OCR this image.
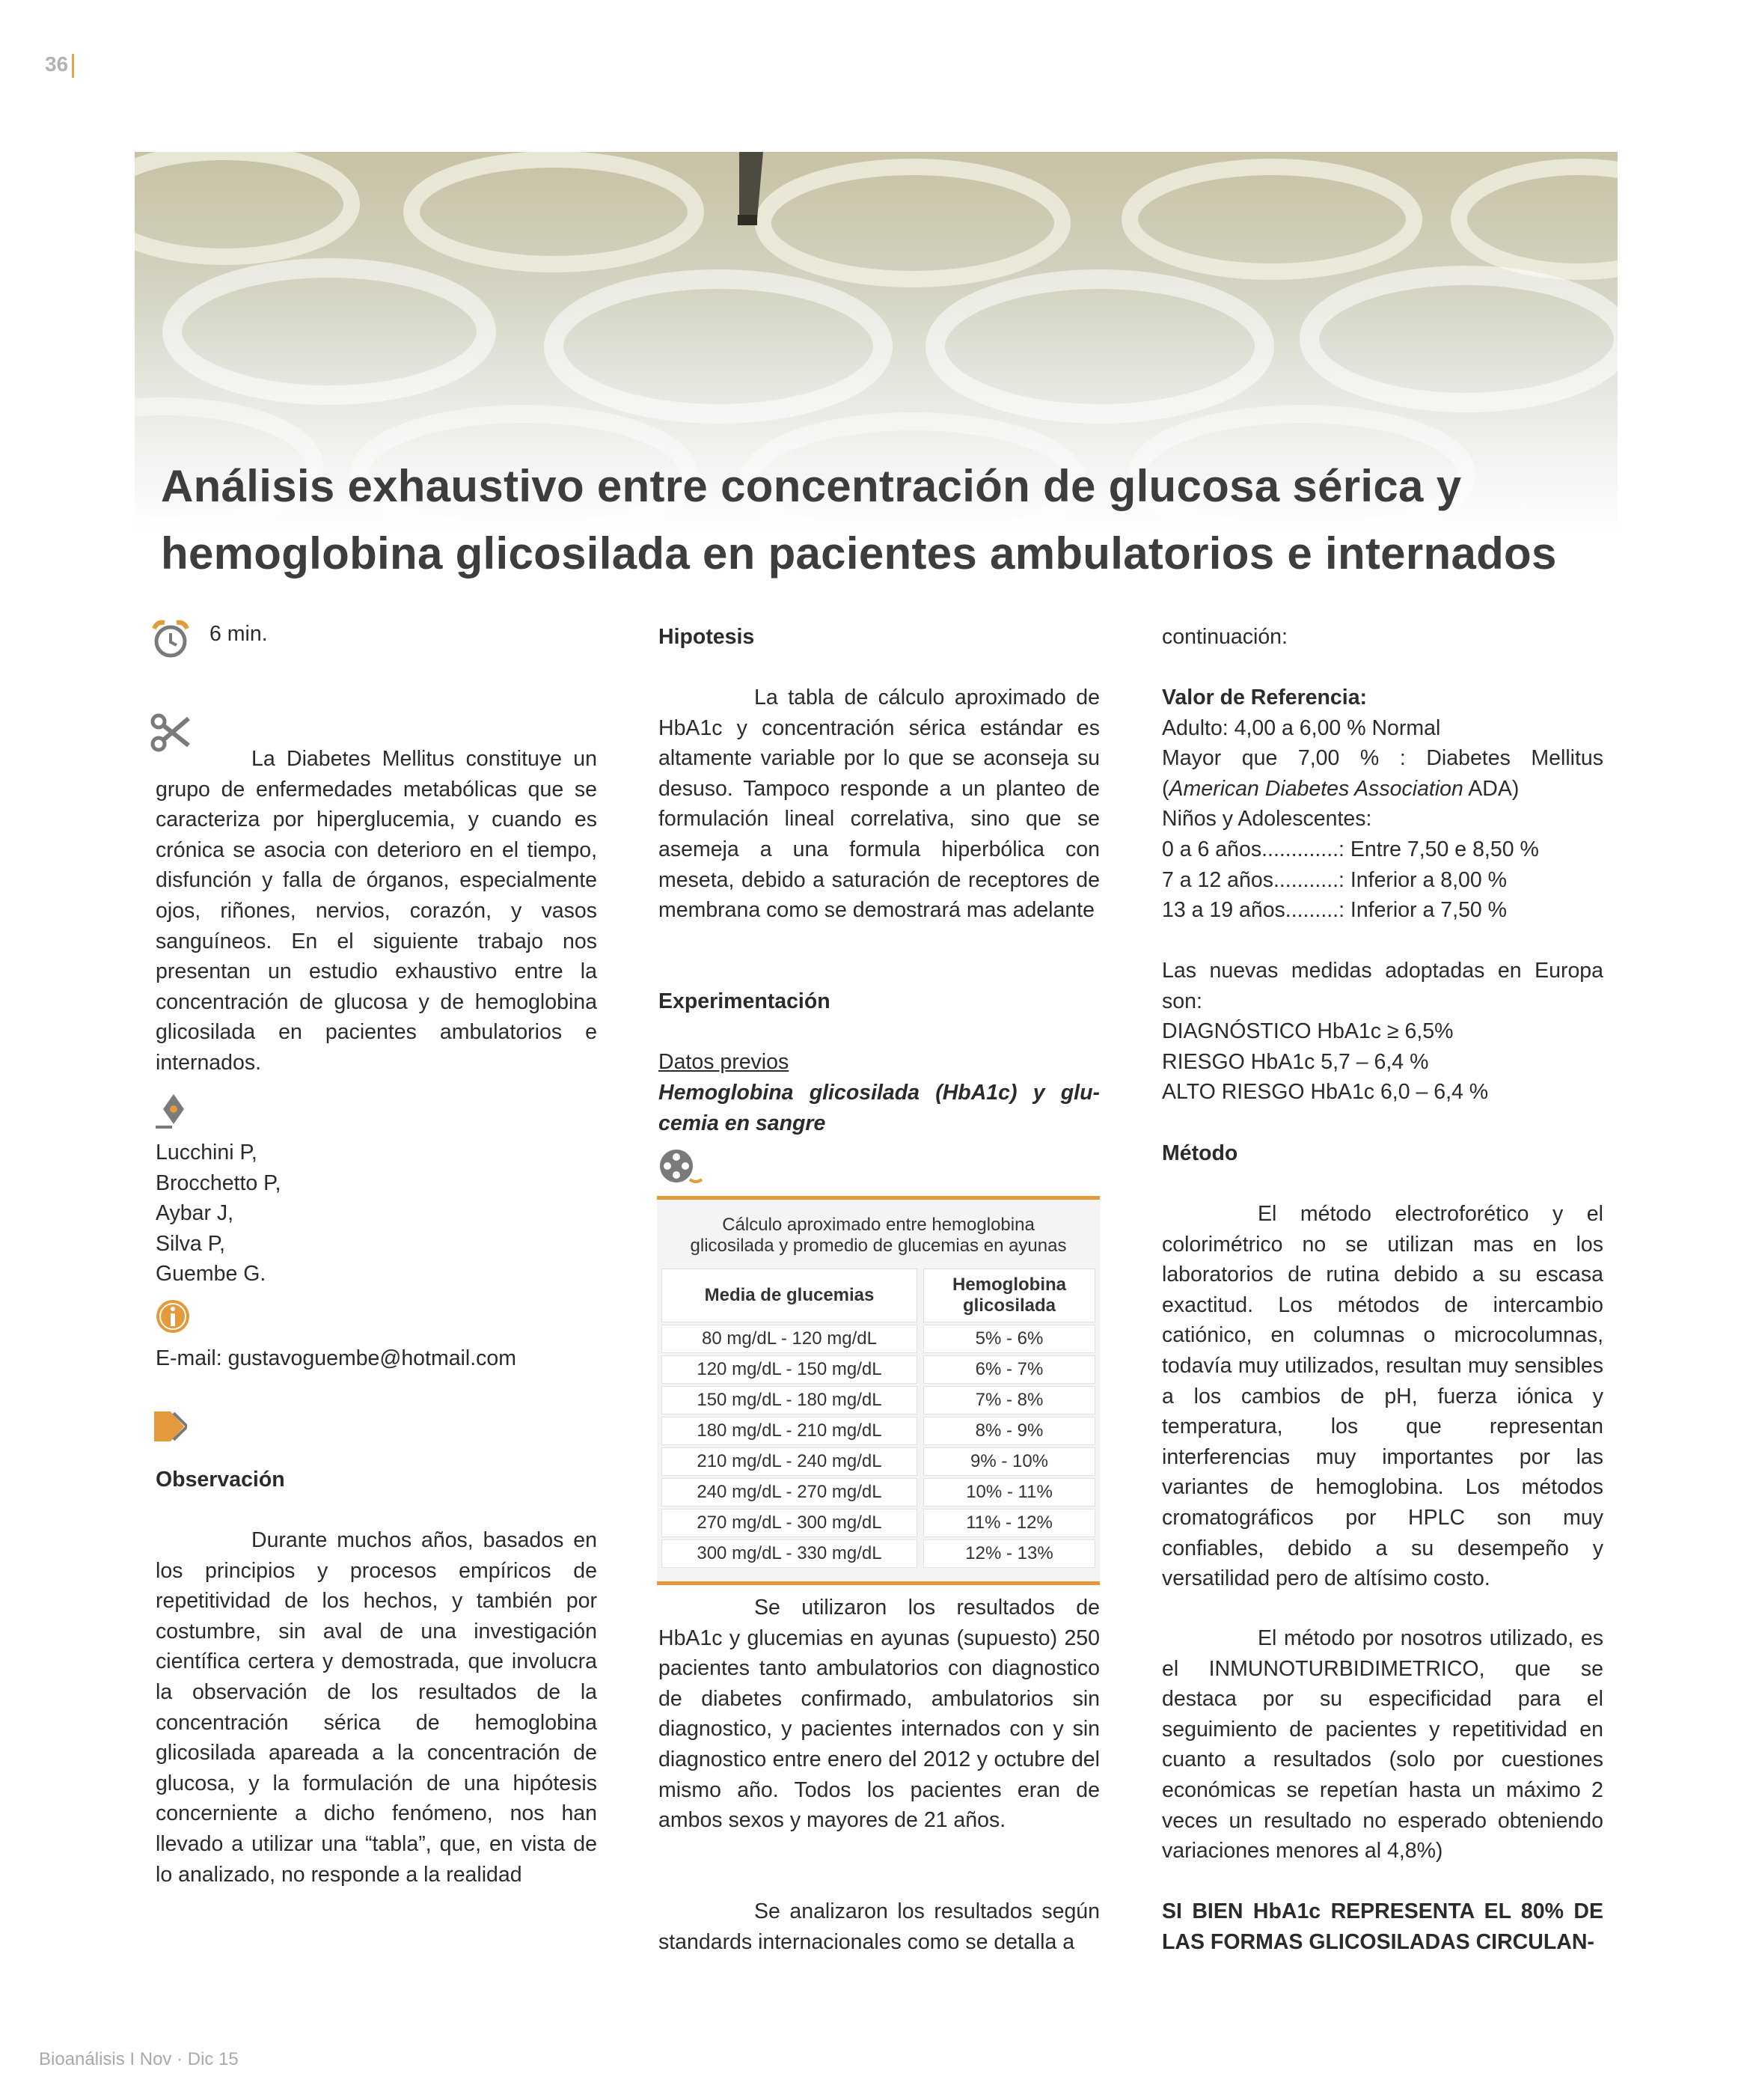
36
Análisis exhaustivo entre concentración de glucosa sérica y
hemoglobina glicosilada en pacientes ambulatorios e internados
6 min.
La Diabetes Mellitus constituye un grupo de enfermedades metabólicas que se caracteriza por hiperglucemia, y cuando es crónica se asocia con deterioro en el tiempo, disfunción y falla de órganos, especialmente ojos, riñones, nervios, corazón, y vasos sanguíneos. En el siguiente trabajo nos presentan un estudio exhaustivo entre la concentración de glucosa y de hemoglobina glicosilada en pacientes ambulatorios e internados.
Lucchini P,
Brocchetto P,
Aybar J,
Silva P,
Guembe G.
E-mail: gustavoguembe@hotmail.com
Observación
Durante muchos años, basados en los principios y procesos empíricos de repetitividad de los hechos, y también por costumbre, sin aval de una investigación científica certera y demostrada, que involucra la observación de los resultados de la concentración sérica de hemoglobina glicosilada apareada a la concentración de glucosa, y la formulación de una hipótesis concerniente a dicho fenómeno, nos han llevado a utilizar una “tabla”, que, en vista de lo analizado, no responde a la realidad
Hipotesis
La tabla de cálculo aproximado de HbA1c y concentración sérica estándar es altamente variable por lo que se aconseja su desuso. Tampoco responde a un planteo de formulación lineal correlativa, sino que se asemeja a una formula hiperbólica con meseta, debido a saturación de receptores de membrana como se demostrará mas adelante
Experimentación
Datos previos
Hemoglobina glicosilada (HbA1c) y glu-cemia en sangre
Cálculo aproximado entre hemoglobina
glicosilada y promedio de glucemias en ayunas
Media de glucemias
Hemoglobina
glicosilada
80 mg/dL - 120 mg/dL	5% - 6%
120 mg/dL - 150 mg/dL	6% - 7%
150 mg/dL - 180 mg/dL	7% - 8%
180 mg/dL - 210 mg/dL	8% - 9%
210 mg/dL - 240 mg/dL	9% - 10%
240 mg/dL - 270 mg/dL	10% - 11%
270 mg/dL - 300 mg/dL	11% - 12%
300 mg/dL - 330 mg/dL	12% - 13%
Se utilizaron los resultados de HbA1c y glucemias en ayunas (supuesto) 250 pacientes tanto ambulatorios con diagnostico de diabetes confirmado, ambulatorios sin diagnostico, y pacientes internados con y sin diagnostico entre enero del 2012 y octubre del mismo año. Todos los pacientes eran de ambos sexos y mayores de 21 años.
Se analizaron los resultados según standards internacionales como se detalla a
continuación:
Valor de Referencia:
Adulto: 4,00 a 6,00 % Normal
Mayor que 7,00 % : Diabetes Mellitus
(American Diabetes Association ADA)
Niños y Adolescentes:
0 a 6 años.............: Entre 7,50 e 8,50 %
7 a 12 años...........: Inferior a 8,00 %
13 a 19 años.........: Inferior a 7,50 %
Las nuevas medidas adoptadas en Europa son:
DIAGNÓSTICO HbA1c ≥ 6,5%
RIESGO HbA1c 5,7 – 6,4 %
ALTO RIESGO HbA1c 6,0 – 6,4 %
Método
El método electroforético y el colorimétrico no se utilizan mas en los laboratorios de rutina debido a su escasa exactitud. Los métodos de intercambio catiónico, en columnas o microcolumnas, todavía muy utilizados, resultan muy sensibles a los cambios de pH, fuerza iónica y temperatura, los que representan interferencias muy importantes por las variantes de hemoglobina. Los métodos cromatográficos por HPLC son muy confiables, debido a su desempeño y versatilidad pero de altísimo costo.
El método por nosotros utilizado, es el INMUNOTURBIDIMETRICO, que se destaca por su especificidad para el seguimiento de pacientes y repetitividad en cuanto a resultados (solo por cuestiones económicas se repetían hasta un máximo 2 veces un resultado no esperado obteniendo variaciones menores al 4,8%)
SI BIEN HbA1c REPRESENTA EL 80% DE LAS FORMAS GLICOSILADAS CIRCULAN-
Bioanálisis I Nov · Dic 15
